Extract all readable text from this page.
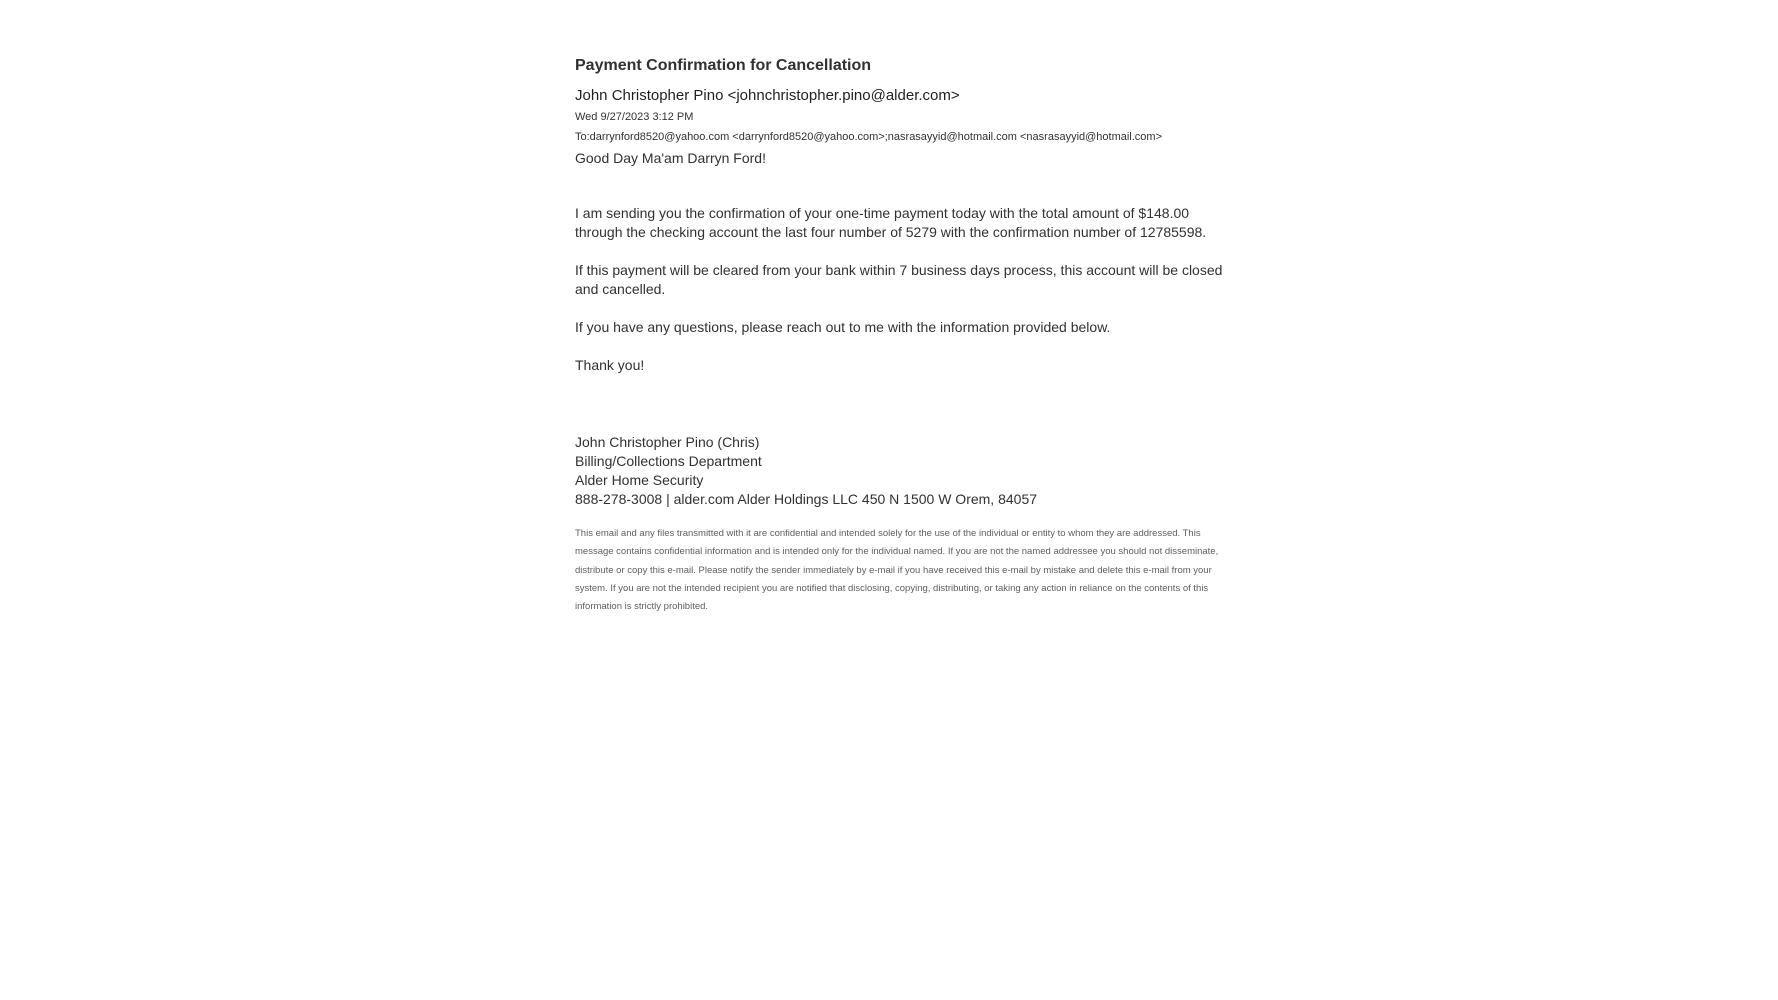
Payment Confirmation for Cancellation
John Christopher Pino <johnchristopher.pino@alder.com>
Wed 9/27/2023 3:12 PM
To:darrynford8520@yahoo.com <darrynford8520@yahoo.com>;nasrasayyid@hotmail.com <nasrasayyid@hotmail.com>

Good Day Ma'am Darryn Ford!

I am sending you the confirmation of your one-time payment today with the total amount of $148.00 through the checking account the last four number of 5279 with the confirmation number of 12785598.

If this payment will be cleared from your bank within 7 business days process, this account will be closed and cancelled.

If you have any questions, please reach out to me with the information provided below.

Thank you!

John Christopher Pino (Chris)
Billing/Collections Department
Alder Home Security
888-278-3008 | alder.com Alder Holdings LLC 450 N 1500 W Orem, 84057
This email and any files transmitted with it are confidential and intended solely for the use of the individual or entity to whom they are addressed. This message contains confidential information and is intended only for the individual named. If you are not the named addressee you should not disseminate, distribute or copy this e-mail. Please notify the sender immediately by e-mail if you have received this e-mail by mistake and delete this e-mail from your system. If you are not the intended recipient you are notified that disclosing, copying, distributing, or taking any action in reliance on the contents of this information is strictly prohibited.
